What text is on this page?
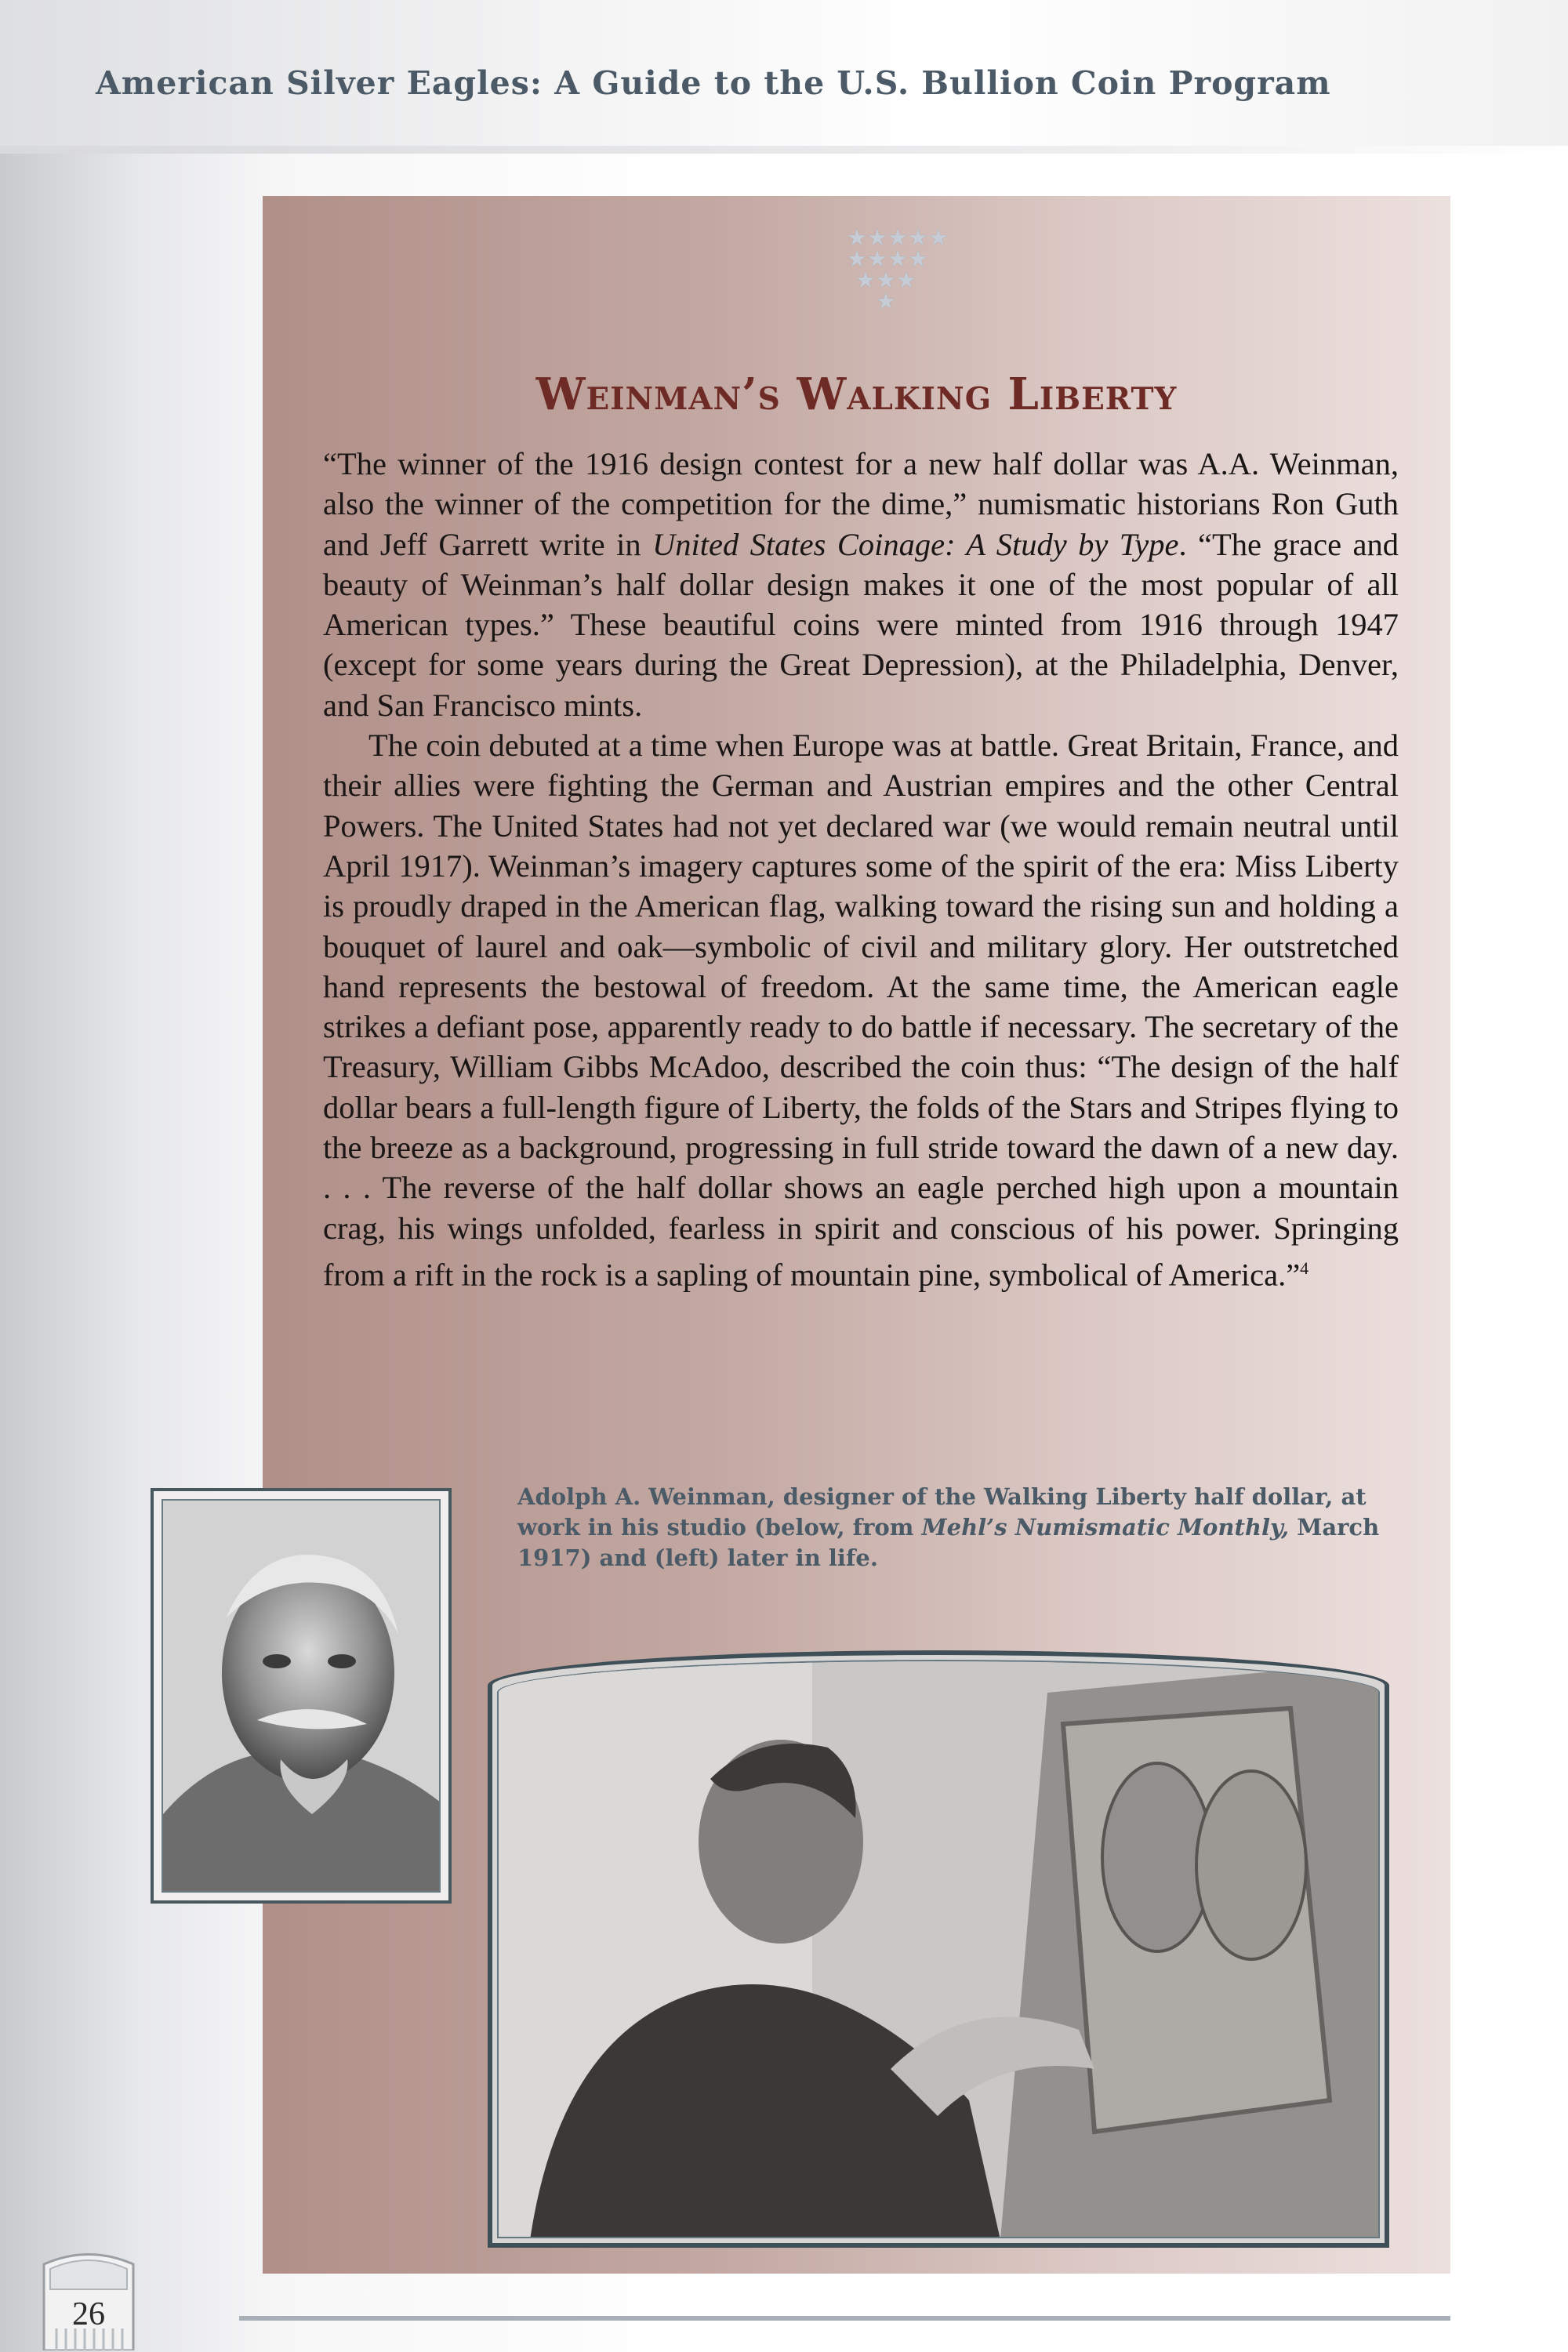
American Silver Eagles: A Guide to the U.S. Bullion Coin Program
★★★★★
★★★★
★★★
★
Weinman’s Walking Liberty

“The winner of the 1916 design contest for a new half dollar was A.A. Weinman, also the winner of the competition for the dime,” numismatic historians Ron Guth and Jeff Garrett write in United States Coinage: A Study by Type. “The grace and beauty of Weinman’s half dollar design makes it one of the most popular of all American types.” These beautiful coins were minted from 1916 through 1947 (except for some years during the Great Depression), at the Philadelphia, Denver, and San Francisco mints.

The coin debuted at a time when Europe was at battle. Great Britain, France, and their allies were fighting the German and Austrian empires and the other Central Powers. The United States had not yet declared war (we would remain neutral until April 1917). Weinman’s imagery captures some of the spirit of the era: Miss Liberty is proudly draped in the American flag, walking toward the rising sun and holding a bouquet of laurel and oak—symbolic of civil and military glory. Her outstretched hand represents the bestowal of freedom. At the same time, the American eagle strikes a defiant pose, apparently ready to do battle if necessary. The secretary of the Treasury, William Gibbs McAdoo, described the coin thus: “The design of the half dollar bears a full-length figure of Liberty, the folds of the Stars and Stripes flying to the breeze as a background, progressing in full stride toward the dawn of a new day. . . . The reverse of the half dollar shows an eagle perched high upon a mountain crag, his wings unfolded, fearless in spirit and conscious of his power. Springing from a rift in the rock is a sapling of mountain pine, symbolical of America.”$^4$

Adolph A. Weinman, designer of the Walking Liberty half dollar, at work in his studio (below, from Mehl’s Numismatic Monthly, March 1917) and (left) later in life.
26
